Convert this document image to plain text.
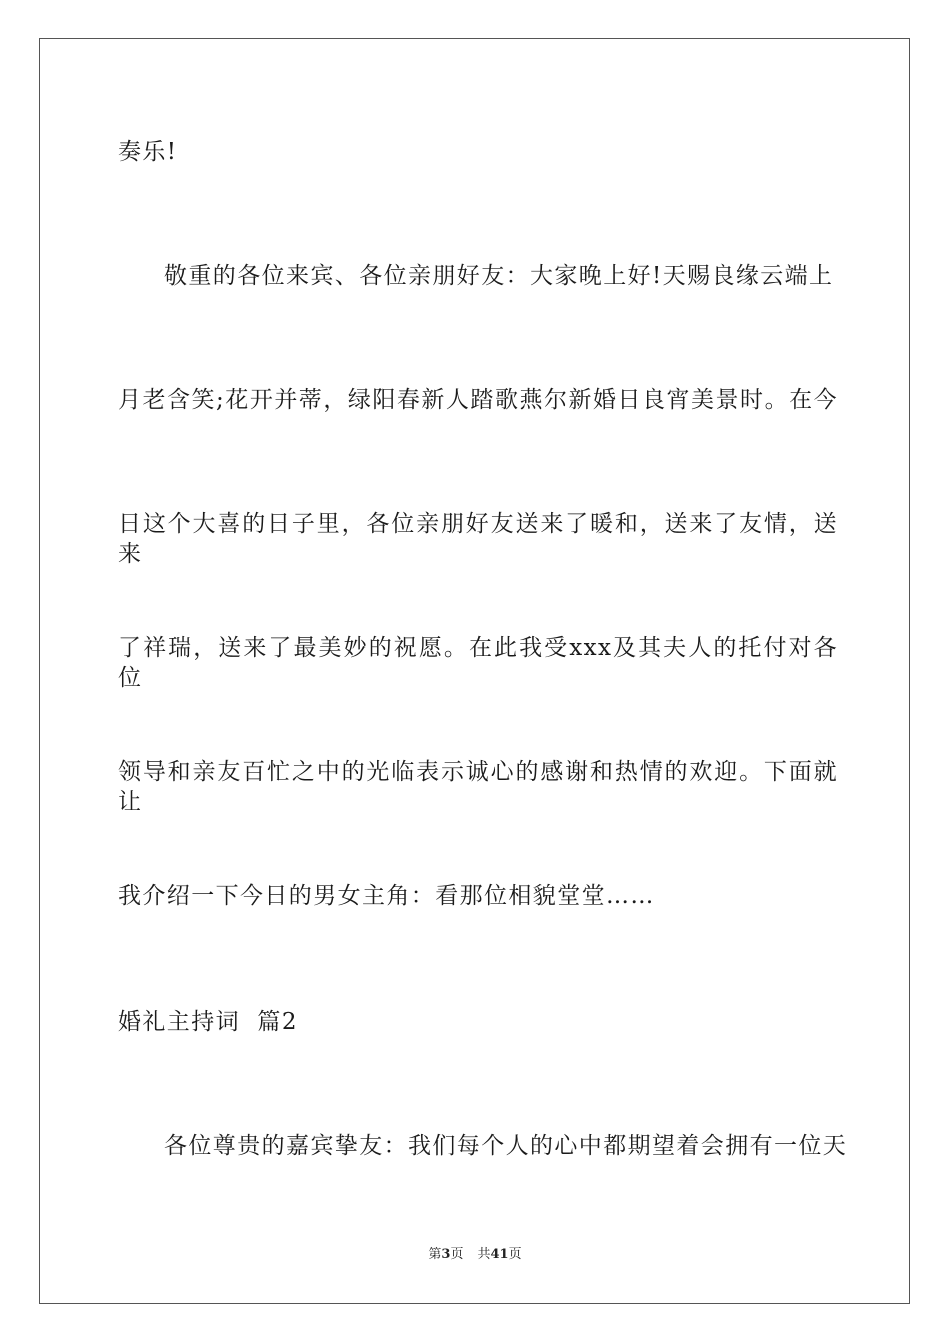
奏乐!
敬重的各位来宾、各位亲朋好友：大家晚上好!天赐良缘云端上
月老含笑;花开并蒂，绿阳春新人踏歌燕尔新婚日良宵美景时。在今
日这个大喜的日子里，各位亲朋好友送来了暖和，送来了友情，送来
了祥瑞，送来了最美妙的祝愿。在此我受xxx及其夫人的托付对各位
领导和亲友百忙之中的光临表示诚心的感谢和热情的欢迎。下面就让
我介绍一下今日的男女主角：看那位相貌堂堂……
婚礼主持词  篇2
各位尊贵的嘉宾挚友：我们每个人的心中都期望着会拥有一位天
第3页 共41页
